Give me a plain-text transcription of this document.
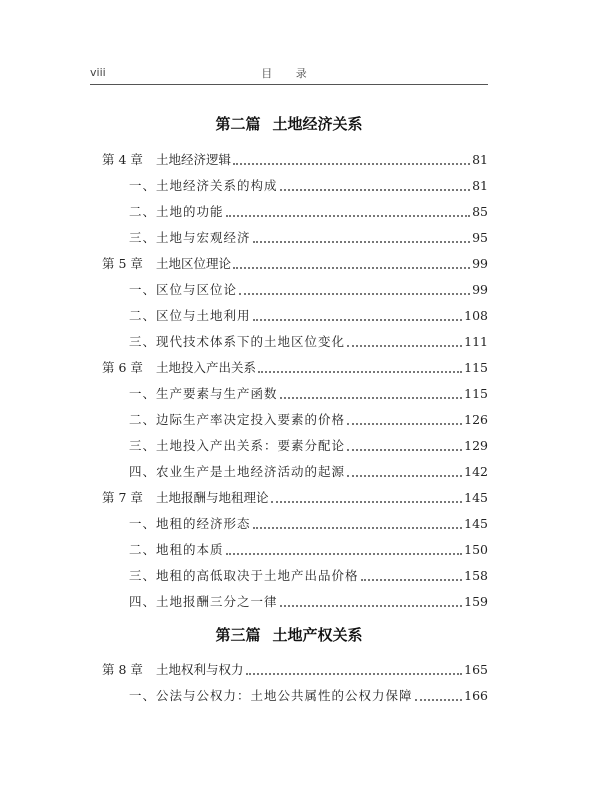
viii	目 录
第二篇 土地经济关系
第 4 章	土地经济逻辑	81
一、土地经济关系的构成	81
二、土地的功能	85
三、土地与宏观经济	95
第 5 章	土地区位理论	99
一、区位与区位论	99
二、区位与土地利用	108
三、现代技术体系下的土地区位变化	111
第 6 章	土地投入产出关系	115
一、生产要素与生产函数	115
二、边际生产率决定投入要素的价格	126
三、土地投入产出关系：要素分配论	129
四、农业生产是土地经济活动的起源	142
第 7 章	土地报酬与地租理论	145
一、地租的经济形态	145
二、地租的本质	150
三、地租的高低取决于土地产出品价格	158
四、土地报酬三分之一律	159
第三篇 土地产权关系
第 8 章	土地权利与权力	165
一、公法与公权力：土地公共属性的公权力保障	166
